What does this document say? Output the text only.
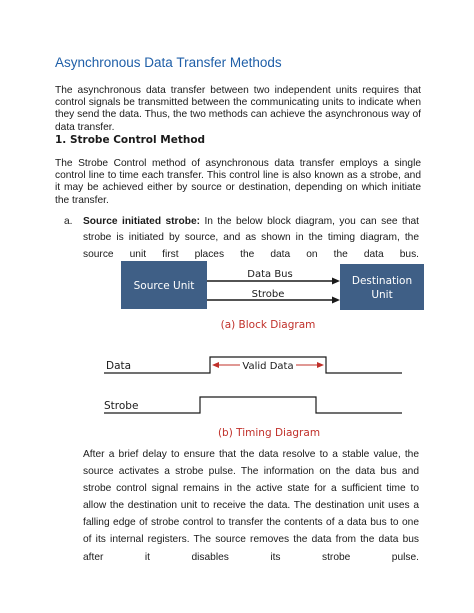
Asynchronous Data Transfer Methods
The asynchronous data transfer between two independent units requires that control signals be transmitted between the communicating units to indicate when they send the data. Thus, the two methods can achieve the asynchronous way of data transfer.
1. Strobe Control Method
The Strobe Control method of asynchronous data transfer employs a single control line to time each transfer. This control line is also known as a strobe, and it may be achieved either by source or destination, depending on which initiate the transfer.
a. Source initiated strobe: In the below block diagram, you can see that strobe is initiated by source, and as shown in the timing diagram, the source unit first places the data on the data bus.
Source Unit	Destination
Unit
Data Bus
Strobe
(a) Block Diagram
Data	Valid Data
Strobe
(b) Timing Diagram
After a brief delay to ensure that the data resolve to a stable value, the source activates a strobe pulse. The information on the data bus and strobe control signal remains in the active state for a sufficient time to allow the destination unit to receive the data. The destination unit uses a falling edge of strobe control to transfer the contents of a data bus to one of its internal registers. The source removes the data from the data bus after it disables its strobe pulse.
